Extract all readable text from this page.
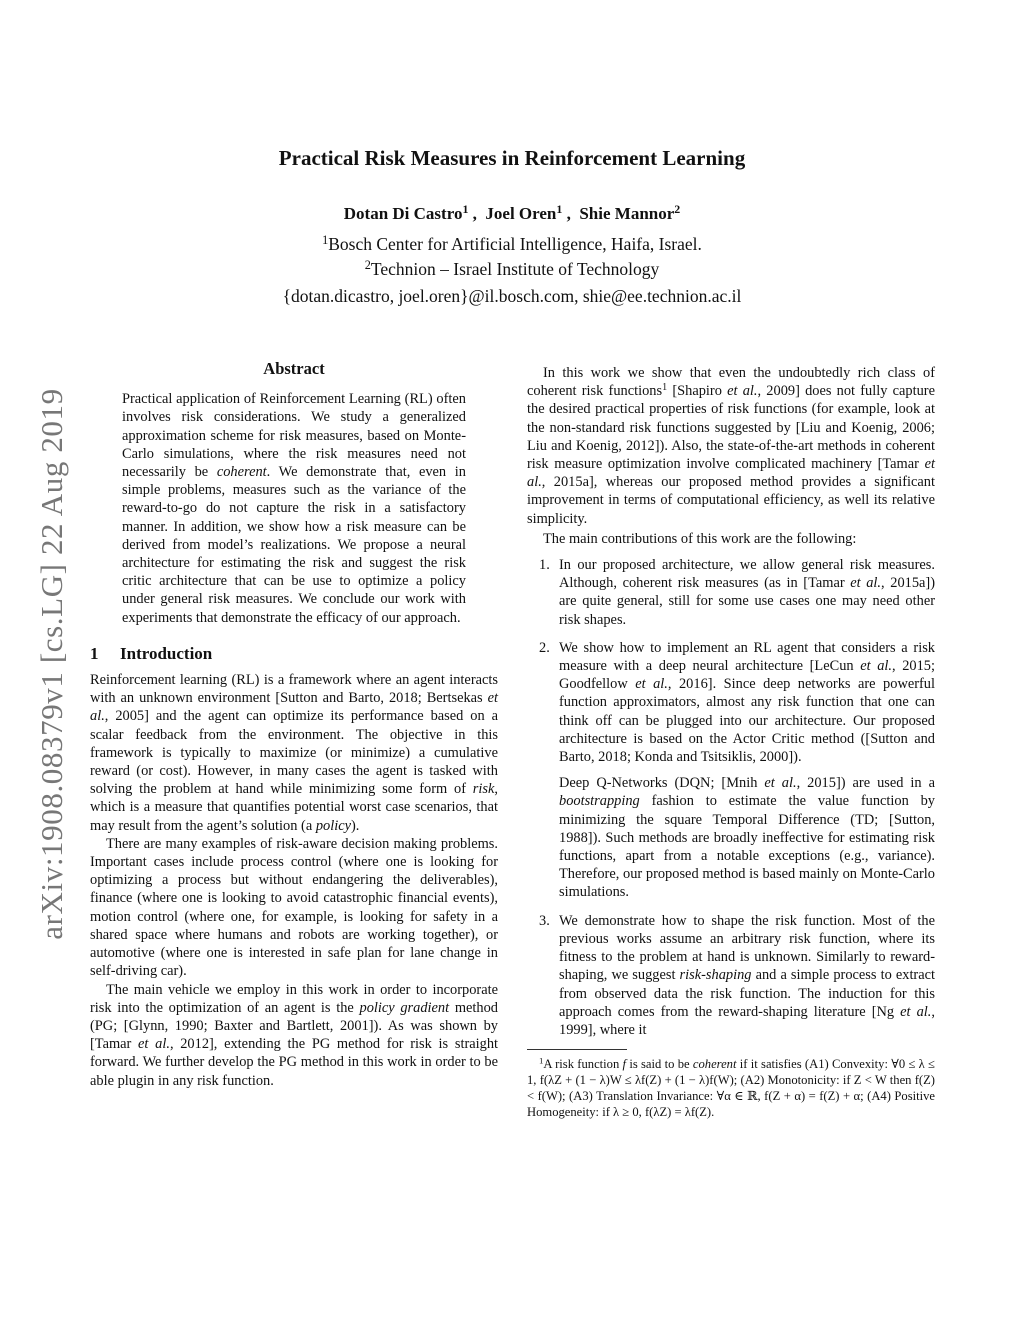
arXiv:1908.08379v1 [cs.LG] 22 Aug 2019
Practical Risk Measures in Reinforcement Learning
Dotan Di Castro$^1$ ,  Joel Oren$^1$ ,  Shie Mannor$^2$
$^1$Bosch Center for Artificial Intelligence, Haifa, Israel.
$^2$Technion – Israel Institute of Technology
{dotan.dicastro, joel.oren}@il.bosch.com, shie@ee.technion.ac.il
Abstract
Practical application of Reinforcement Learning (RL) often involves risk considerations. We study a generalized approximation scheme for risk measures, based on Monte-Carlo simulations, where the risk measures need not necessarily be coherent. We demonstrate that, even in simple problems, measures such as the variance of the reward-to-go do not capture the risk in a satisfactory manner. In addition, we show how a risk measure can be derived from model’s realizations. We propose a neural architecture for estimating the risk and suggest the risk critic architecture that can be use to optimize a policy under general risk measures. We conclude our work with experiments that demonstrate the efficacy of our approach.
1 Introduction

Reinforcement learning (RL) is a framework where an agent interacts with an unknown environment [Sutton and Barto, 2018; Bertsekas et al., 2005] and the agent can optimize its performance based on a scalar feedback from the environment. The objective in this framework is typically to maximize (or minimize) a cumulative reward (or cost). However, in many cases the agent is tasked with solving the problem at hand while minimizing some form of risk, which is a measure that quantifies potential worst case scenarios, that may result from the agent’s solution (a policy).

There are many examples of risk-aware decision making problems. Important cases include process control (where one is looking for optimizing a process but without endangering the deliverables), finance (where one is looking to avoid catastrophic financial events), motion control (where one, for example, is looking for safety in a shared space where humans and robots are working together), or automotive (where one is interested in safe plan for lane change in self-driving car).

The main vehicle we employ in this work in order to incorporate risk into the optimization of an agent is the policy gradient method (PG; [Glynn, 1990; Baxter and Bartlett, 2001]). As was shown by [Tamar et al., 2012], extending the PG method for risk is straight forward. We further develop the PG method in this work in order to be able plugin in any risk function.

In this work we show that even the undoubtedly rich class of coherent risk functions$^1$ [Shapiro et al., 2009] does not fully capture the desired practical properties of risk functions (for example, look at the non-standard risk functions suggested by [Liu and Koenig, 2006; Liu and Koenig, 2012]). Also, the state-of-the-art methods in coherent risk measure optimization involve complicated machinery [Tamar et al., 2015a], whereas our proposed method provides a significant improvement in terms of computational efficiency, as well its relative simplicity.

The main contributions of this work are the following:

1. In our proposed architecture, we allow general risk measures. Although, coherent risk measures (as in [Tamar et al., 2015a]) are quite general, still for some use cases one may need other risk shapes.

2. We show how to implement an RL agent that considers a risk measure with a deep neural architecture [LeCun et al., 2015; Goodfellow et al., 2016]. Since deep networks are powerful function approximators, almost any risk function that one can think off can be plugged into our architecture. Our proposed architecture is based on the Actor Critic method ([Sutton and Barto, 2018; Konda and Tsitsiklis, 2000]).

Deep Q-Networks (DQN; [Mnih et al., 2015]) are used in a bootstrapping fashion to estimate the value function by minimizing the square Temporal Difference (TD; [Sutton, 1988]). Such methods are broadly ineffective for estimating risk functions, apart from a notable exceptions (e.g., variance). Therefore, our proposed method is based mainly on Monte-Carlo simulations.

3. We demonstrate how to shape the risk function. Most of the previous works assume an arbitrary risk function, where its fitness to the problem at hand is unknown. Similarly to reward-shaping, we suggest risk-shaping and a simple process to extract from observed data the risk function. The induction for this approach comes from the reward-shaping literature [Ng et al., 1999], where it

$^1$A risk function f is said to be coherent if it satisfies (A1) Convexity: ∀0 ≤ λ ≤ 1, f(λZ + (1 − λ)W ≤ λf(Z) + (1 − λ)f(W); (A2) Monotonicity: if Z < W then f(Z) < f(W); (A3) Translation Invariance: ∀α ∈ ℝ, f(Z + α) = f(Z) + α; (A4) Positive Homogeneity: if λ ≥ 0, f(λZ) = λf(Z).
